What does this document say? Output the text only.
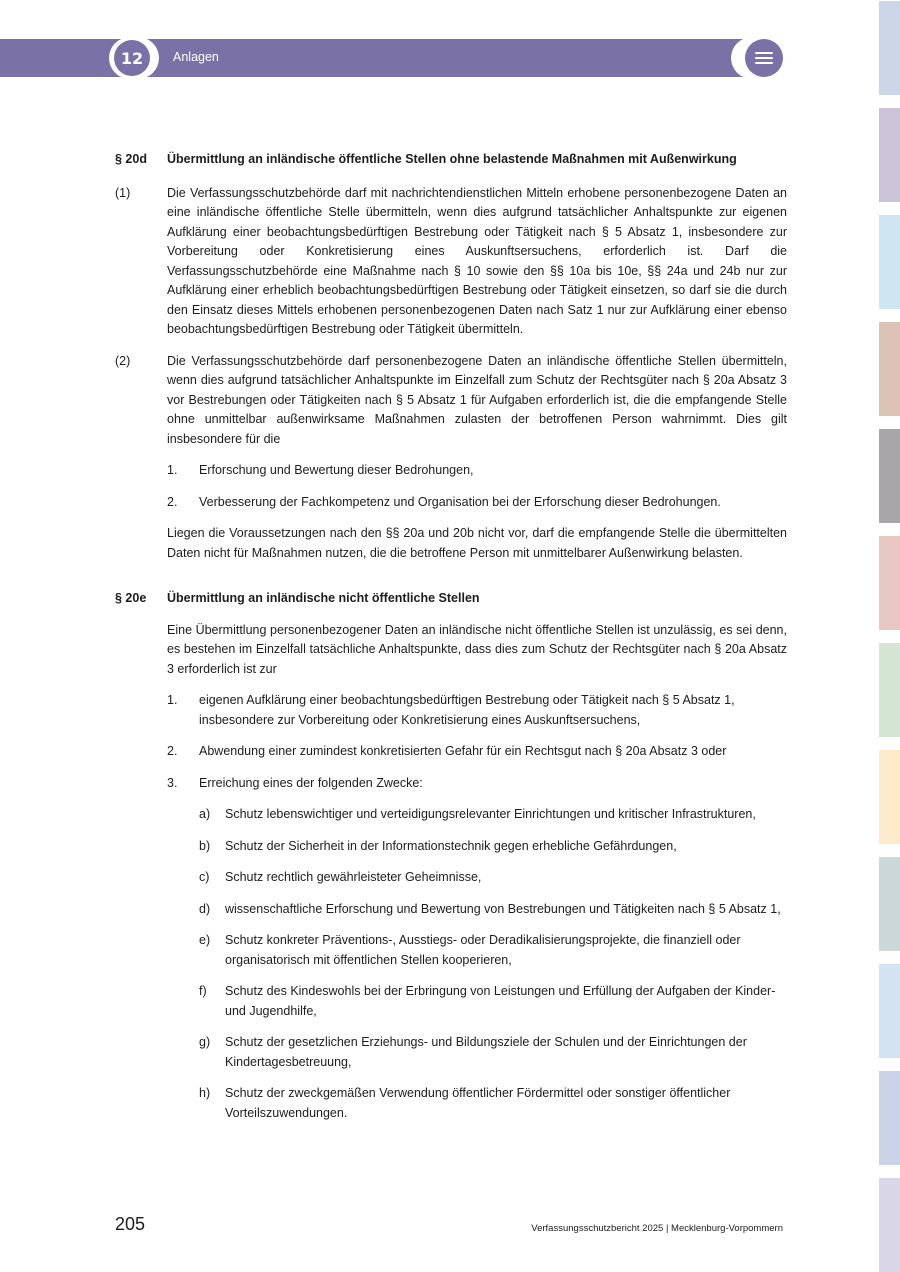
12	Anlagen
§ 20d	Übermittlung an inländische öffentliche Stellen ohne belastende Maßnahmen mit Außenwirkung
(1)	Die Verfassungsschutzbehörde darf mit nachrichtendienstlichen Mitteln erhobene personenbezogene Daten an eine inländische öffentliche Stelle übermitteln, wenn dies aufgrund tatsächlicher Anhaltspunkte zur eigenen Aufklärung einer beobachtungsbedürftigen Bestrebung oder Tätigkeit nach § 5 Absatz 1, insbesondere zur Vorbereitung oder Konkretisierung eines Auskunftsersuchens, erforderlich ist. Darf die Verfassungsschutzbehörde eine Maßnahme nach § 10 sowie den §§ 10a bis 10e, §§ 24a und 24b nur zur Aufklärung einer erheblich beobachtungsbedürftigen Bestrebung oder Tätigkeit einsetzen, so darf sie die durch den Einsatz dieses Mittels erhobenen personenbezogenen Daten nach Satz 1 nur zur Aufklärung einer ebenso beobachtungsbedürftigen Bestrebung oder Tätigkeit übermitteln.
(2)	Die Verfassungsschutzbehörde darf personenbezogene Daten an inländische öffentliche Stellen übermitteln, wenn dies aufgrund tatsächlicher Anhaltspunkte im Einzelfall zum Schutz der Rechtsgüter nach § 20a Absatz 3 vor Bestrebungen oder Tätigkeiten nach § 5 Absatz 1 für Aufgaben erforderlich ist, die die empfangende Stelle ohne unmittelbar außenwirksame Maßnahmen zulasten der betroffenen Person wahrnimmt. Dies gilt insbesondere für die
1.	Erforschung und Bewertung dieser Bedrohungen,
2.	Verbesserung der Fachkompetenz und Organisation bei der Erforschung dieser Bedrohungen.
Liegen die Voraussetzungen nach den §§ 20a und 20b nicht vor, darf die empfangende Stelle die übermittelten Daten nicht für Maßnahmen nutzen, die die betroffene Person mit unmittelbarer Außenwirkung belasten.
§ 20e	Übermittlung an inländische nicht öffentliche Stellen
Eine Übermittlung personenbezogener Daten an inländische nicht öffentliche Stellen ist unzulässig, es sei denn, es bestehen im Einzelfall tatsächliche Anhaltspunkte, dass dies zum Schutz der Rechtsgüter nach § 20a Absatz 3 erforderlich ist zur
1.	eigenen Aufklärung einer beobachtungsbedürftigen Bestrebung oder Tätigkeit nach § 5 Absatz 1, insbesondere zur Vorbereitung oder Konkretisierung eines Auskunftsersuchens,
2.	Abwendung einer zumindest konkretisierten Gefahr für ein Rechtsgut nach § 20a Absatz 3 oder
3.	Erreichung eines der folgenden Zwecke:
a)	Schutz lebenswichtiger und verteidigungsrelevanter Einrichtungen und kritischer Infrastrukturen,
b)	Schutz der Sicherheit in der Informationstechnik gegen erhebliche Gefährdungen,
c)	Schutz rechtlich gewährleisteter Geheimnisse,
d)	wissenschaftliche Erforschung und Bewertung von Bestrebungen und Tätigkeiten nach § 5 Absatz 1,
e)	Schutz konkreter Präventions-, Ausstiegs- oder Deradikalisierungsprojekte, die finanziell oder organisatorisch mit öffentlichen Stellen kooperieren,
f)	Schutz des Kindeswohls bei der Erbringung von Leistungen und Erfüllung der Aufgaben der Kinder- und Jugendhilfe,
g)	Schutz der gesetzlichen Erziehungs- und Bildungsziele der Schulen und der Einrichtungen der Kindertagesbetreuung,
h)	Schutz der zweckgemäßen Verwendung öffentlicher Fördermittel oder sonstiger öffentlicher Vorteilszuwendungen.
205	Verfassungsschutzbericht 2025 | Mecklenburg-Vorpommern
